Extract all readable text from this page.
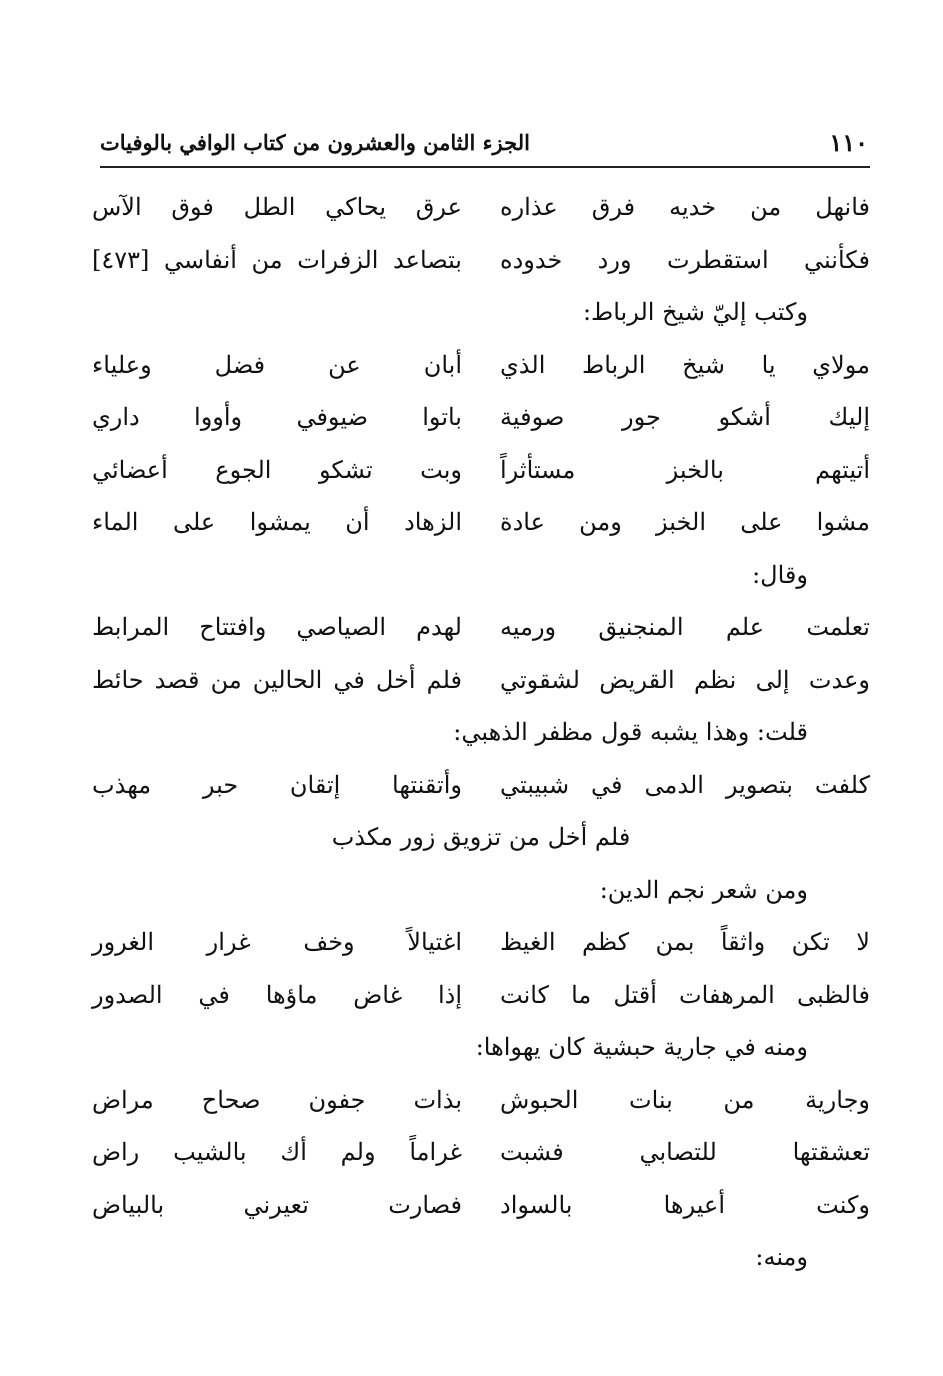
الجزء الثامن والعشرون من كتاب الوافي بالوفيات	١١٠
فانهل من خديه فرق عذاره
عرق يحاكي الطل فوق الآس
فكأنني استقطرت ورد خدوده
بتصاعد الزفرات من أنفاسي [٤٧٣]
وكتب إليّ شيخ الرباط:
مولاي يا شيخ الرباط الذي
أبان عن فضل وعلياء
إليك أشكو جور صوفية
باتوا ضيوفي وأووا داري
أتيتهم بالخبز مستأثراً
وبت تشكو الجوع أعضائي
مشوا على الخبز ومن عادة
الزهاد أن يمشوا على الماء
وقال:
تعلمت علم المنجنيق ورميه
لهدم الصياصي وافتتاح المرابط
وعدت إلى نظم القريض لشقوتي
فلم أخل في الحالين من قصد حائط
قلت: وهذا يشبه قول مظفر الذهبي:
كلفت بتصوير الدمى في شبيبتي
وأتقنتها إتقان حبر مهذب
فلم أخل من تزويق زور مكذب
ومن شعر نجم الدين:
لا تكن واثقاً بمن كظم الغيظ
اغتيالاً وخف غرار الغرور
فالظبى المرهفات أقتل ما كانت
إذا غاض ماؤها في الصدور
ومنه في جارية حبشية كان يهواها:
وجارية من بنات الحبوش
بذات جفون صحاح مراض
تعشقتها للتصابي فشبت
غراماً ولم أك بالشيب راض
وكنت أعيرها بالسواد
فصارت تعيرني بالبياض
ومنه:
